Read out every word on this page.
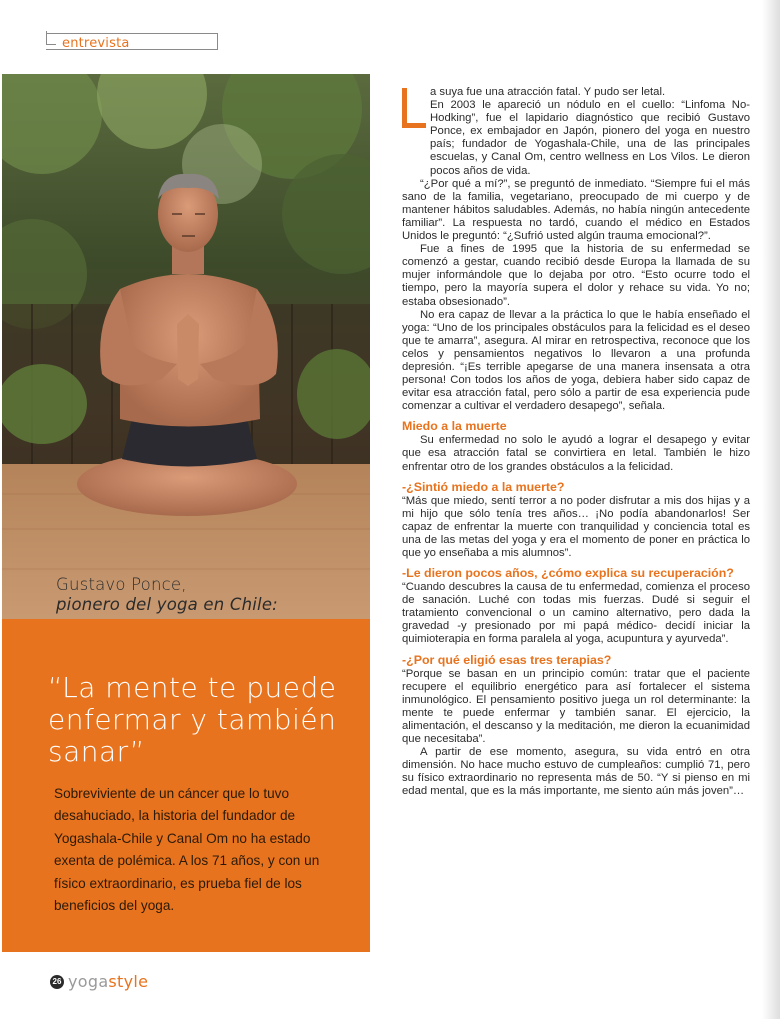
entrevista
Gustavo Ponce,
pionero del yoga en Chile:
“La mente te puede enfermar y también sanar”
Sobreviviente de un cáncer que lo tuvo desahuciado, la historia del fundador de Yogashala-Chile y Canal Om no ha estado exenta de polémica. A los 71 años, y con un físico extraordinario, es prueba fiel de los beneficios del yoga.

a suya fue una atracción fatal. Y pudo ser letal.

En 2003 le apareció un nódulo en el cuello: “Linfoma No-Hodking”, fue el lapidario diagnóstico que recibió Gustavo Ponce, ex embajador en Japón, pionero del yoga en nuestro país; fundador de Yogashala-Chile, una de las principales escuelas, y Canal Om, centro wellness en Los Vilos. Le dieron pocos años de vida.

“¿Por qué a mí?”, se preguntó de inmediato. “Siempre fui el más sano de la familia, vegetariano, preocupado de mi cuerpo y de mantener hábitos saludables. Además, no había ningún antecedente familiar”. La respuesta no tardó, cuando el médico en Estados Unidos le preguntó: “¿Sufrió usted algún trauma emocional?”.

Fue a fines de 1995 que la historia de su enfermedad se comenzó a gestar, cuando recibió desde Europa la llamada de su mujer informándole que lo dejaba por otro. “Esto ocurre todo el tiempo, pero la mayoría supera el dolor y rehace su vida. Yo no; estaba obsesionado”.

No era capaz de llevar a la práctica lo que le había enseñado el yoga: “Uno de los principales obstáculos para la felicidad es el deseo que te amarra”, asegura. Al mirar en retrospectiva, reconoce que los celos y pensamientos negativos lo llevaron a una profunda depresión. “¡Es terrible apegarse de una manera insensata a otra persona! Con todos los años de yoga, debiera haber sido capaz de evitar esa atracción fatal, pero sólo a partir de esa experiencia pude comenzar a cultivar el verdadero desapego”, señala.

Miedo a la muerte

Su enfermedad no solo le ayudó a lograr el desapego y evitar que esa atracción fatal se convirtiera en letal. También le hizo enfrentar otro de los grandes obstáculos a la felicidad.

-¿Sintió miedo a la muerte?

“Más que miedo, sentí terror a no poder disfrutar a mis dos hijas y a mi hijo que sólo tenía tres años… ¡No podía abandonarlos! Ser capaz de enfrentar la muerte con tranquilidad y conciencia total es una de las metas del yoga y era el momento de poner en práctica lo que yo enseñaba a mis alumnos”.

-Le dieron pocos años, ¿cómo explica su recuperación?

“Cuando descubres la causa de tu enfermedad, comienza el proceso de sanación. Luché con todas mis fuerzas. Dudé si seguir el tratamiento convencional o un camino alternativo, pero dada la gravedad -y presionado por mi papá médico- decidí iniciar la quimioterapia en forma paralela al yoga, acupuntura y ayurveda”.

-¿Por qué eligió esas tres terapias?

“Porque se basan en un principio común: tratar que el paciente recupere el equilibrio energético para así fortalecer el sistema inmunológico. El pensamiento positivo juega un rol determinante: la mente te puede enfermar y también sanar. El ejercicio, la alimentación, el descanso y la meditación, me dieron la ecuanimidad que necesitaba”.

A partir de ese momento, asegura, su vida entró en otra dimensión. No hace mucho estuvo de cumpleaños: cumplió 71, pero su físico extraordinario no representa más de 50. “Y si pienso en mi edad mental, que es la más importante, me siento aún más joven”…

26 yogastyle
